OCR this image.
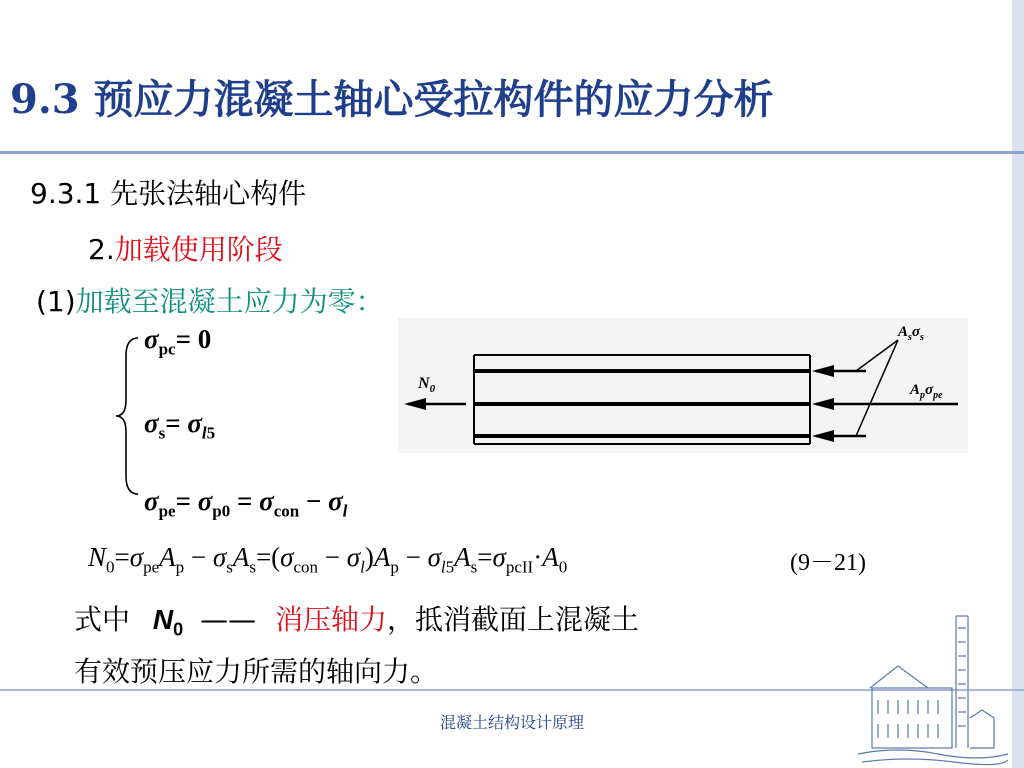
9.3 预应力混凝土轴心受拉构件的应力分析
9.3.1 先张法轴心构件
2.加载使用阶段
(1)加载至混凝土应力为零：
$\sigma_{pc}= 0$
$\sigma_s= \sigma_{l5}$
$\sigma_{pe}= \sigma_{p0} = \sigma_{con} - \sigma_l$
$N_0$
$A_s\sigma_s$
$A_p\sigma_{pe}$
$N_0=\sigma_{pe}A_p - \sigma_sA_s=(\sigma_{con} - \sigma_l)A_p - \sigma_{l5}A_s=\sigma_{pcII}\cdot A_0$	(9－21)
式中 $N_0$ —— 消压轴力，抵消截面上混凝土
有效预压应力所需的轴向力。
混凝土结构设计原理
